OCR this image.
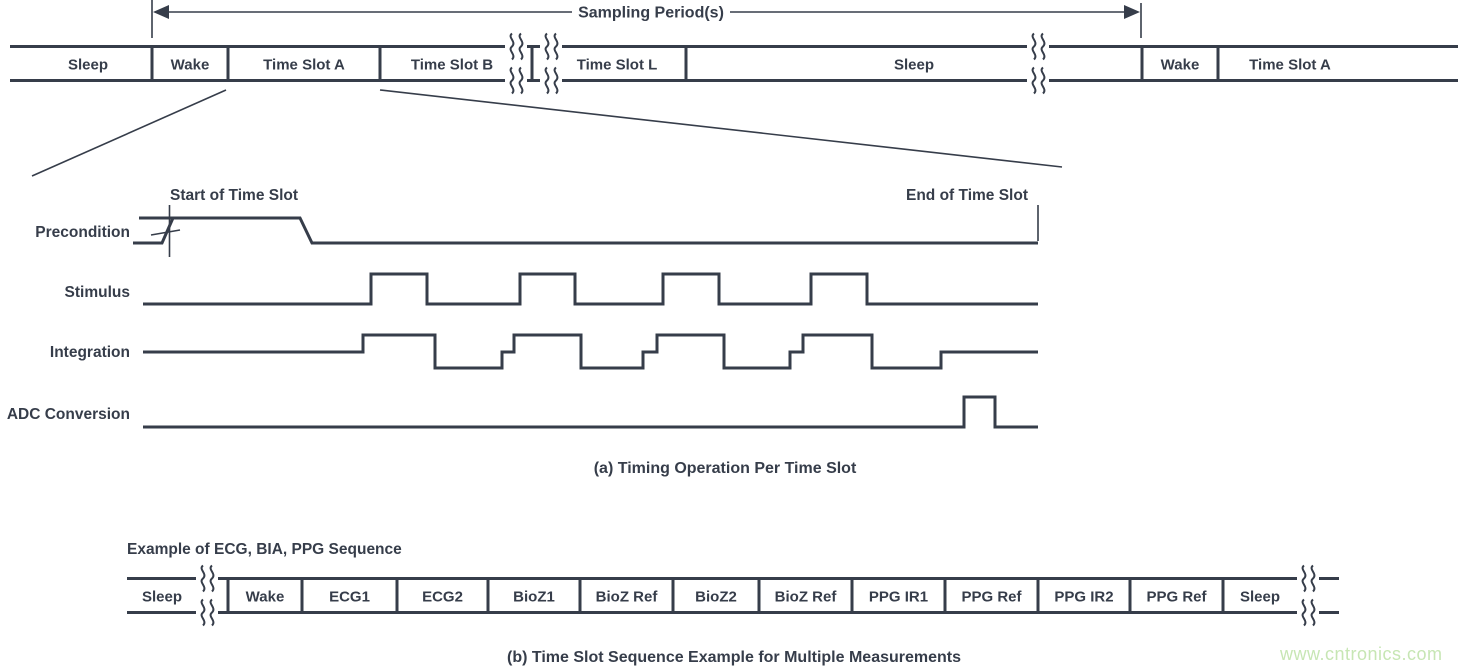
Sampling Period(s)
Sleep	Wake	Time Slot A	Time Slot B	Time Slot L	Sleep	Wake	Time Slot A
Start of Time Slot	End of Time Slot
Precondition
Stimulus
Integration
ADC Conversion
(a) Timing Operation Per Time Slot
Example of ECG, BIA, PPG Sequence
Sleep	Wake	ECG1	ECG2	BioZ1	BioZ Ref	BioZ2	BioZ Ref PPG IR1 PPG Ref PPG IR2 PPG Ref Sleep
(b) Time Slot Sequence Example for Multiple Measurements	www.cntronics.com
